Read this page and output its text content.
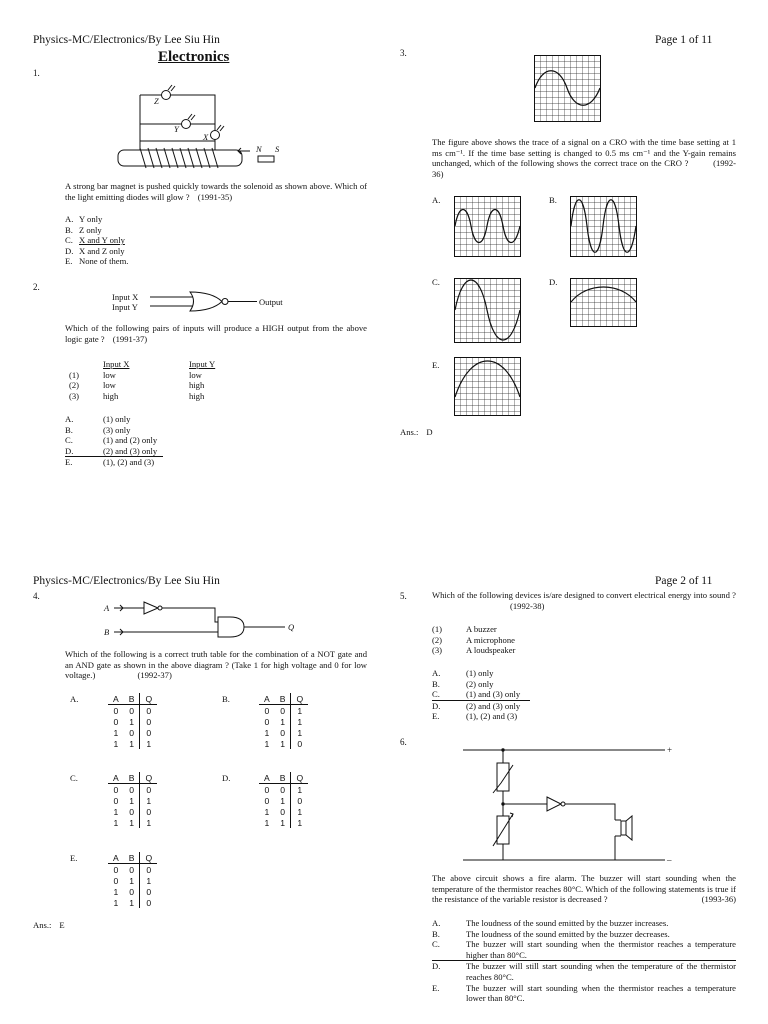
Physics-MC/Electronics/By Lee Siu Hin	Page 1 of 11
Electronics
1.
Z
Y
X
N S
A strong bar magnet is pushed quickly towards the solenoid as shown above. Which of the light emitting diodes will glow ? (1991-35)
A. Y only
B. Z only
C. X and Y only
D. X and Z only
E. None of them.
2.
Input X
Input Y	Output
Which of the following pairs of inputs will produce a HIGH output from the above logic gate ? (1991-37)
Input X	Input Y
(1)	low	low
(2)	low	high
(3)	high	high
A.	(1) only
B.	(3) only
C.	(1) and (2) only
D.	(2) and (3) only
E.	(1), (2) and (3)
3.
The figure above shows the trace of a signal on a CRO with the time base setting at 1 ms cm⁻¹. If the time base setting is changed to 0.5 ms cm⁻¹ and the Y-gain remains unchanged, which of the following shows the correct trace on the CRO ?	(1992-36)
A.	B.
C.	D.
E.
Ans.: D
Physics-MC/Electronics/By Lee Siu Hin	Page 2 of 11
4.
A
B	Q
Which of the following is a correct truth table for the combination of a NOT gate and an AND gate as shown in the above diagram ? (Take 1 for high voltage and 0 for low voltage.)	(1992-37)
A.	A	B	Q
0	0	0
0	1	0
1	0	0
1	1	1
B.	A	B	Q
0	0	1
0	1	1
1	0	1
1	1	0
C.	A	B	Q
0	0	0
0	1	1
1	0	0
1	1	1
D.	A	B	Q
0	0	1
0	1	0
1	0	1
1	1	1
E.	A	B	Q
0	0	0
0	1	1
1	0	0
1	1	0
Ans.: E
5.	Which of the following devices is/are designed to convert electrical energy into sound ? (1992-38)
(1)	A buzzer
(2)	A microphone
(3)	A loudspeaker
A.	(1) only
B.	(2) only
C.	(1) and (3) only
D.	(2) and (3) only
E.	(1), (2) and (3)
6.
+
–
The above circuit shows a fire alarm. The buzzer will start sounding when the temperature of the thermistor reaches 80°C. Which of the following statements is true if the resistance of the variable resistor is decreased ?	(1993-36)
A.	The loudness of the sound emitted by the buzzer increases.
B.	The loudness of the sound emitted by the buzzer decreases.
C.	The buzzer will start sounding when the thermistor reaches a temperature higher than 80°C.
D.	The buzzer will still start sounding when the temperature of the thermistor reaches 80°C.
E.	The buzzer will start sounding when the thermistor reaches a temperature lower than 80°C.
